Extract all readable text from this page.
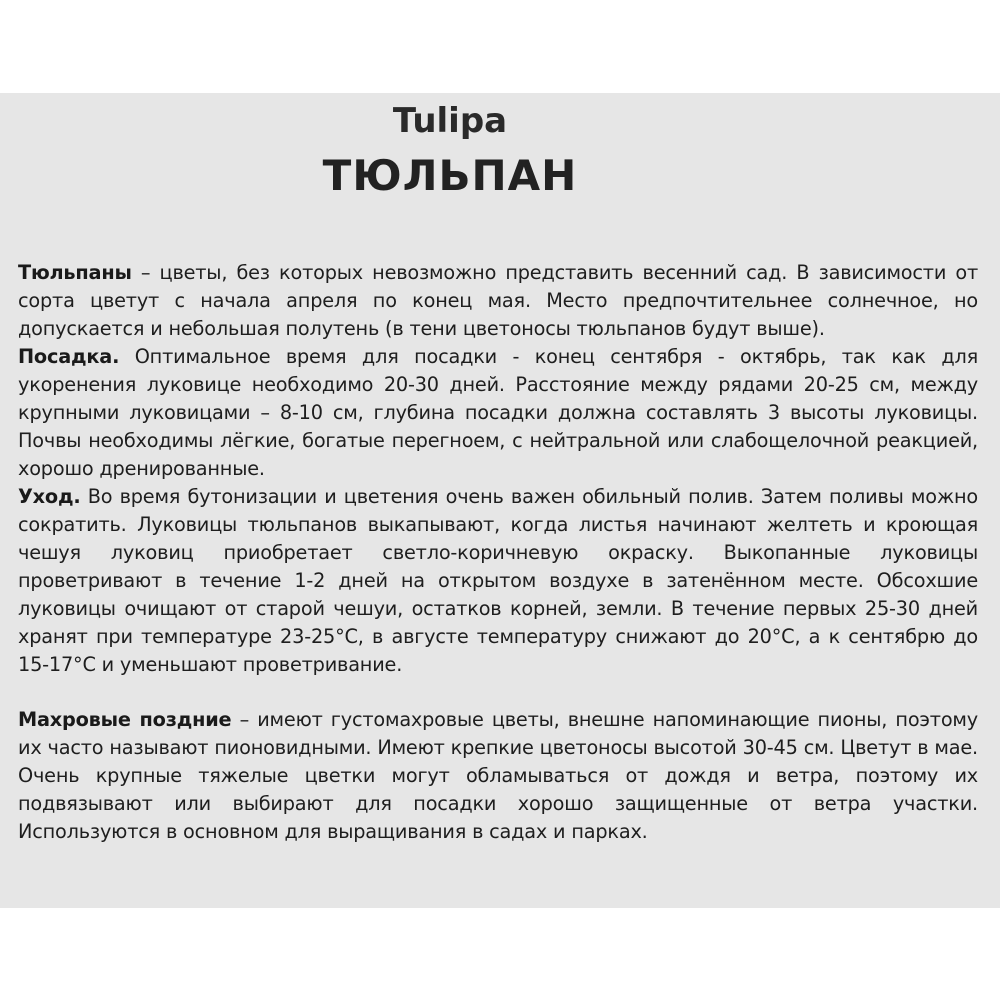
Tulipa
ТЮЛЬПАН

Тюльпаны – цветы, без которых невозможно представить весенний сад. В зависимости от сорта цветут с начала апреля по конец мая. Место предпочтительнее солнечное, но допускается и небольшая полутень (в тени цветоносы тюльпанов будут выше).

Посадка. Оптимальное время для посадки - конец сентября - октябрь, так как для укоренения луковице необходимо 20-30 дней. Расстояние между рядами 20-25 см, между крупными луковицами – 8-10 см, глубина посадки должна составлять 3 высоты луковицы. Почвы необходимы лёгкие, богатые перегноем, с нейтральной или слабощелочной реакцией, хорошо дренированные.

Уход. Во время бутонизации и цветения очень важен обильный полив. Затем поливы можно сократить. Луковицы тюльпанов выкапывают, когда листья начинают желтеть и кроющая чешуя луковиц приобретает светло-коричневую окраску. Выкопанные луковицы проветривают в течение 1-2 дней на открытом воздухе в затенённом месте. Обсохшие луковицы очищают от старой чешуи, остатков корней, земли. В течение первых 25-30 дней хранят при температуре 23-25°C, в августе температуру снижают до 20°C, а к сентябрю до 15-17°C и уменьшают проветривание.

Махровые поздние – имеют густомахровые цветы, внешне напоминающие пионы, поэтому их часто называют пионовидными. Имеют крепкие цветоносы высотой 30-45 см. Цветут в мае. Очень крупные тяжелые цветки могут обламываться от дождя и ветра, поэтому их подвязывают или выбирают для посадки хорошо защищенные от ветра участки. Используются в основном для выращивания в садах и парках.
